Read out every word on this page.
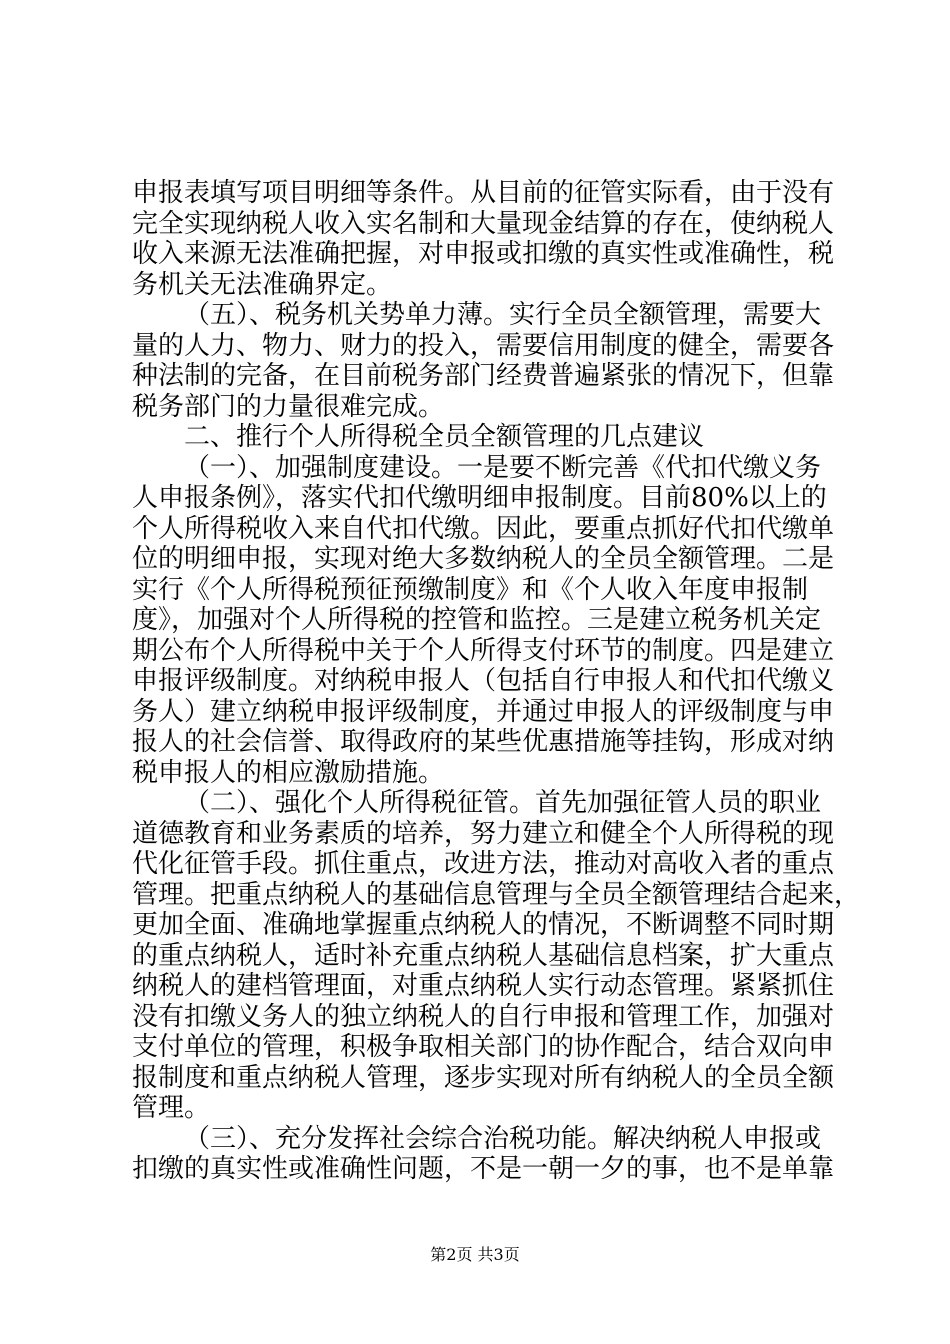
申报表填写项目明细等条件。从目前的征管实际看，由于没有
完全实现纳税人收入实名制和大量现金结算的存在，使纳税人
收入来源无法准确把握，对申报或扣缴的真实性或准确性，税
务机关无法准确界定。
（五）、税务机关势单力薄。实行全员全额管理，需要大
量的人力、物力、财力的投入，需要信用制度的健全，需要各
种法制的完备，在目前税务部门经费普遍紧张的情况下，但靠
税务部门的力量很难完成。
二、推行个人所得税全员全额管理的几点建议
（一）、加强制度建设。一是要不断完善《代扣代缴义务
人申报条例》，落实代扣代缴明细申报制度。目前80%以上的
个人所得税收入来自代扣代缴。因此，要重点抓好代扣代缴单
位的明细申报，实现对绝大多数纳税人的全员全额管理。二是
实行《个人所得税预征预缴制度》和《个人收入年度申报制
度》，加强对个人所得税的控管和监控。三是建立税务机关定
期公布个人所得税中关于个人所得支付环节的制度。四是建立
申报评级制度。对纳税申报人（包括自行申报人和代扣代缴义
务人）建立纳税申报评级制度，并通过申报人的评级制度与申
报人的社会信誉、取得政府的某些优惠措施等挂钩，形成对纳
税申报人的相应激励措施。
（二）、强化个人所得税征管。首先加强征管人员的职业
道德教育和业务素质的培养，努力建立和健全个人所得税的现
代化征管手段。抓住重点，改进方法，推动对高收入者的重点
管理。把重点纳税人的基础信息管理与全员全额管理结合起来，
更加全面、准确地掌握重点纳税人的情况，不断调整不同时期
的重点纳税人，适时补充重点纳税人基础信息档案，扩大重点
纳税人的建档管理面，对重点纳税人实行动态管理。紧紧抓住
没有扣缴义务人的独立纳税人的自行申报和管理工作，加强对
支付单位的管理，积极争取相关部门的协作配合，结合双向申
报制度和重点纳税人管理，逐步实现对所有纳税人的全员全额
管理。
（三）、充分发挥社会综合治税功能。解决纳税人申报或
扣缴的真实性或准确性问题，不是一朝一夕的事，也不是单靠
第2页 共3页
